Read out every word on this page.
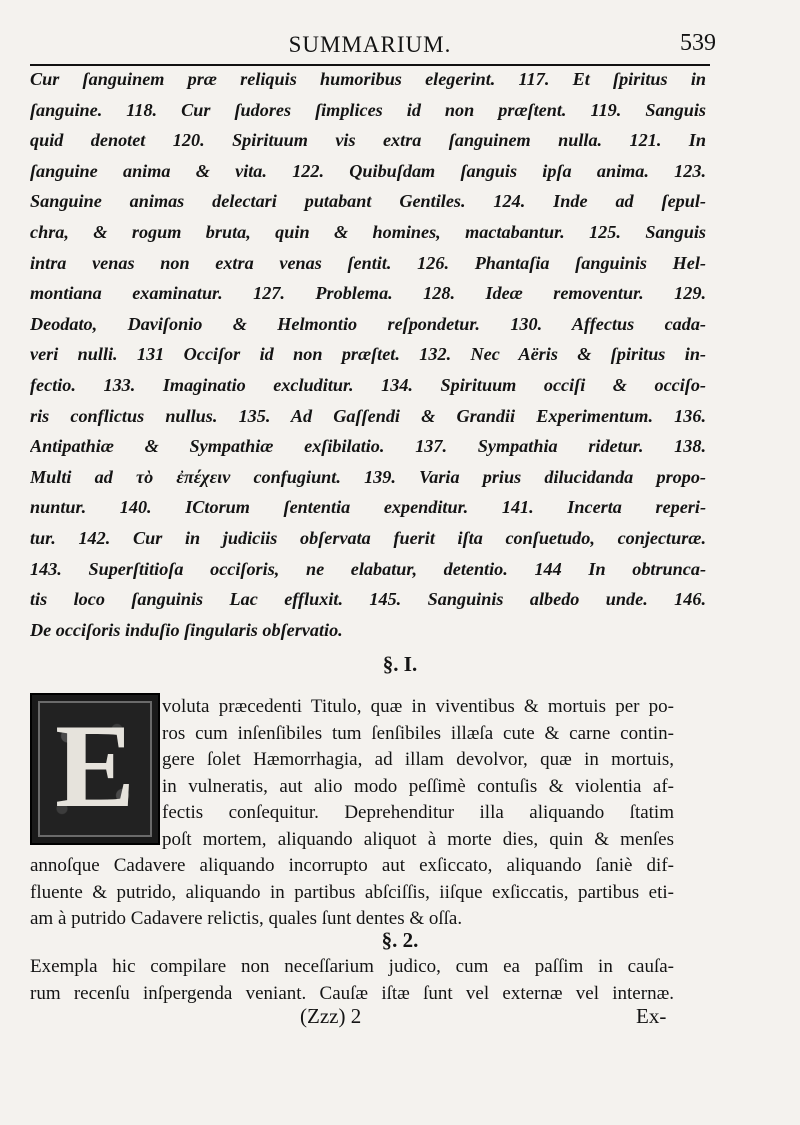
SUMMARIUM.	539
Cur ſanguinem præ reliquis humoribus elegerint. 117. Et ſpiritus in
ſanguine. 118. Cur ſudores ſimplices id non præſtent. 119. Sanguis
quid denotet 120. Spirituum vis extra ſanguinem nulla. 121. In
ſanguine anima & vita. 122. Quibuſdam ſanguis ipſa anima. 123.
Sanguine animas delectari putabant Gentiles. 124. Inde ad ſepul-
chra, & rogum bruta, quin & homines, mactabantur. 125. Sanguis
intra venas non extra venas ſentit. 126. Phantaſia ſanguinis Hel-
montiana examinatur. 127. Problema. 128. Ideæ removentur. 129.
Deodato, Daviſonio & Helmontio reſpondetur. 130. Affectus cada-
veri nulli. 131 Occiſor id non præſtet. 132. Nec Aëris & ſpiritus in-
fectio. 133. Imaginatio excluditur. 134. Spirituum occiſi & occiſo-
ris conflictus nullus. 135. Ad Gaſſendi & Grandii Experimentum. 136.
Antipathiæ & Sympathiæ exſibilatio. 137. Sympathia ridetur. 138.
Multi ad τὸ ἐπέχειν confugiunt. 139. Varia prius dilucidanda propo-
nuntur. 140. ICtorum ſententia expenditur. 141. Incerta reperi-
tur. 142. Cur in judiciis obſervata fuerit iſta conſuetudo, conjecturæ.
143. Superſtitioſa occiſoris, ne elabatur, detentio. 144 In obtrunca-
tis loco ſanguinis Lac effluxit. 145. Sanguinis albedo unde. 146.
De occiſoris induſio ſingularis obſervatio.
§. I.
E	voluta præcedenti Titulo, quæ in viventibus & mortuis per po-
ros cum inſenſibiles tum ſenſibiles illæſa cute & carne contin-
gere ſolet Hæmorrhagia, ad illam devolvor, quæ in mortuis,
in vulneratis, aut alio modo peſſimè contuſis & violentia af-
fectis conſequitur. Deprehenditur illa aliquando ſtatim
poſt mortem, aliquando aliquot à morte dies, quin & menſes
annoſque Cadavere aliquando incorrupto aut exſiccato, aliquando ſaniè dif-
fluente & putrido, aliquando in partibus abſciſſis, iiſque exſiccatis, partibus eti-
am à putrido Cadavere relictis, quales ſunt dentes & oſſa.
§. 2.
Exempla hic compilare non neceſſarium judico, cum ea paſſim in cauſa-
rum recenſu inſpergenda veniant. Cauſæ iſtæ ſunt vel externæ vel internæ.
(Zzz) 2	Ex-
